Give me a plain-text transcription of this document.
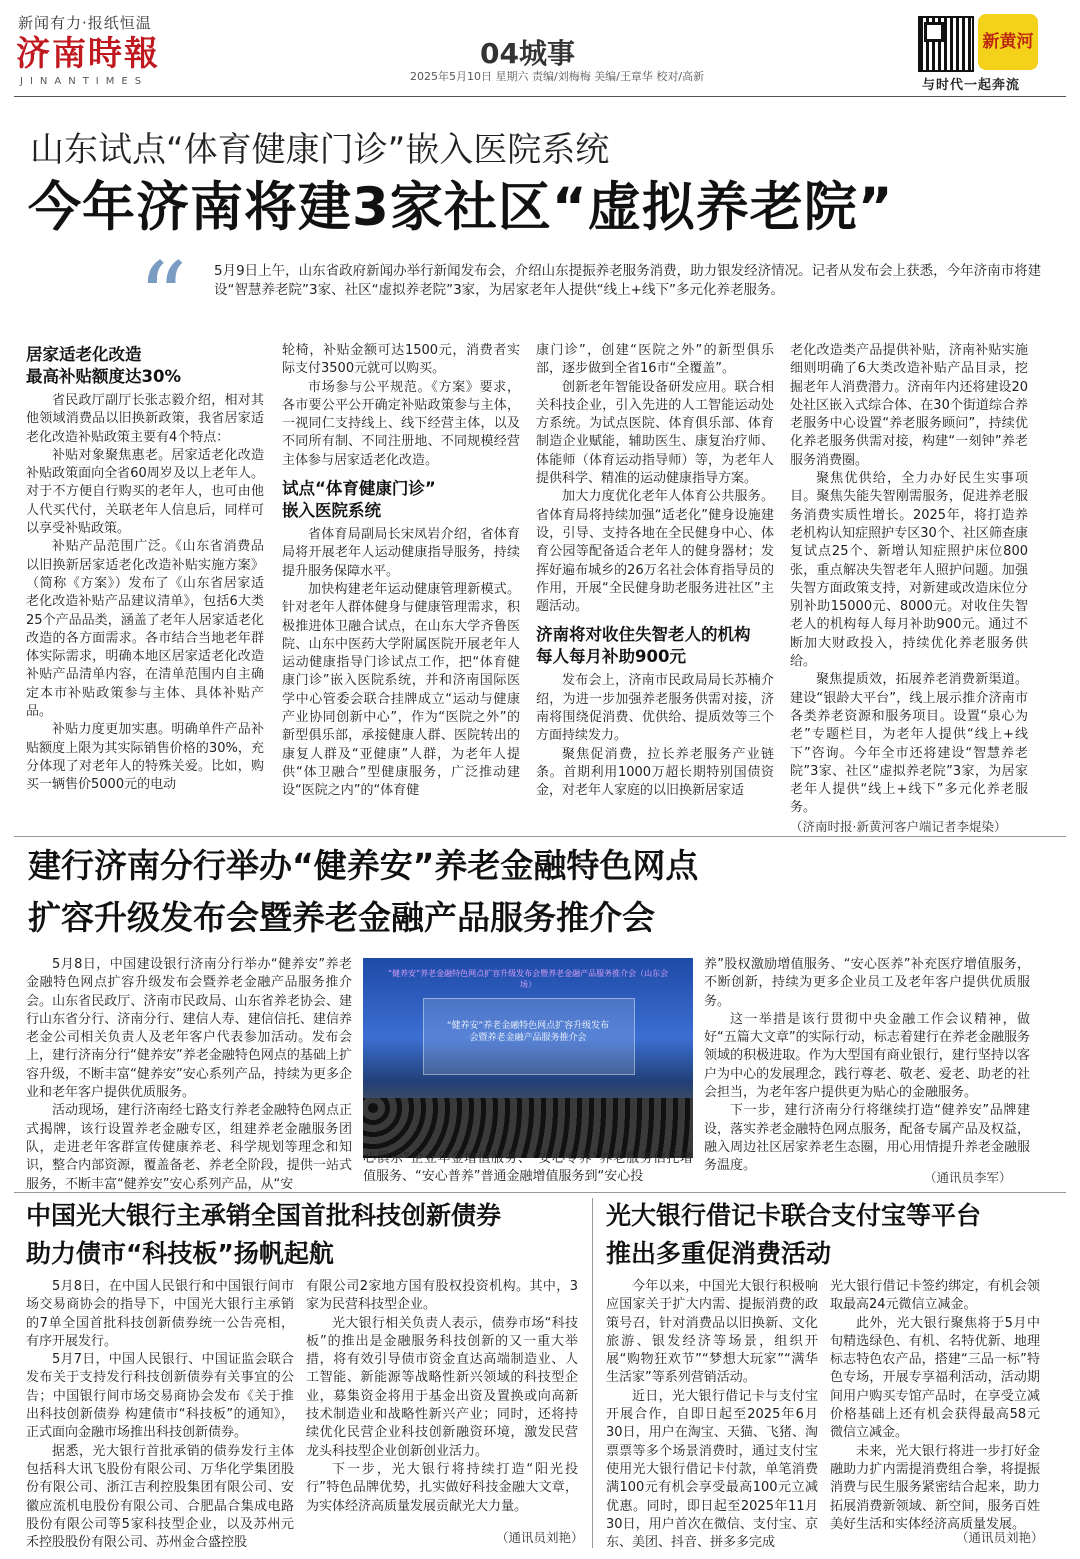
新闻有力·报纸恒温
济南時報
JINANTIMES
04城事
2025年5月10日 星期六 责编/刘梅梅 美编/王章华 校对/高新
新黄河
与时代一起奔流
山东试点“体育健康门诊”嵌入医院系统
今年济南将建3家社区“虚拟养老院”
“ 5月9日上午，山东省政府新闻办举行新闻发布会，介绍山东提振养老服务消费，助力银发经济情况。记者从发布会上获悉，今年济南市将建设“智慧养老院”3家、社区“虚拟养老院”3家，为居家老年人提供“线上+线下”多元化养老服务。
居家适老化改造
最高补贴额度达30%

省民政厅副厅长张志毅介绍，相对其他领域消费品以旧换新政策，我省居家适老化改造补贴政策主要有4个特点：

补贴对象聚焦惠老。居家适老化改造补贴政策面向全省60周岁及以上老年人。对于不方便自行购买的老年人，也可由他人代买代付，关联老年人信息后，同样可以享受补贴政策。

补贴产品范围广泛。《山东省消费品以旧换新居家适老化改造补贴实施方案》（简称《方案》）发布了《山东省居家适老化改造补贴产品建议清单》，包括6大类25个产品品类，涵盖了老年人居家适老化改造的各方面需求。各市结合当地老年群体实际需求，明确本地区居家适老化改造补贴产品清单内容，在清单范围内自主确定本市补贴政策参与主体、具体补贴产品。

补贴力度更加实惠。明确单件产品补贴额度上限为其实际销售价格的30%，充分体现了对老年人的特殊关爱。比如，购买一辆售价5000元的电动

轮椅，补贴金额可达1500元，消费者实际支付3500元就可以购买。

市场参与公平规范。《方案》要求，各市要公平公开确定补贴政策参与主体，一视同仁支持线上、线下经营主体，以及不同所有制、不同注册地、不同规模经营主体参与居家适老化改造。

试点“体育健康门诊”
嵌入医院系统

省体育局副局长宋凤岩介绍，省体育局将开展老年人运动健康指导服务，持续提升服务保障水平。

加快构建老年运动健康管理新模式。针对老年人群体健身与健康管理需求，积极推进体卫融合试点，在山东大学齐鲁医院、山东中医药大学附属医院开展老年人运动健康指导门诊试点工作，把“体育健康门诊”嵌入医院系统，并和济南国际医学中心管委会联合挂牌成立“运动与健康产业协同创新中心”，作为“医院之外”的新型俱乐部，承接健康人群、医院转出的康复人群及“亚健康”人群，为老年人提供“体卫融合”型健康服务，广泛推动建设“医院之内”的“体育健

康门诊”，创建“医院之外”的新型俱乐部，逐步做到全省16市“全覆盖”。

创新老年智能设备研发应用。联合相关科技企业，引入先进的人工智能运动处方系统。为试点医院、体育俱乐部、体育制造企业赋能，辅助医生、康复治疗师、体能师（体育运动指导师）等，为老年人提供科学、精准的运动健康指导方案。

加大力度优化老年人体育公共服务。省体育局将持续加强“适老化”健身设施建设，引导、支持各地在全民健身中心、体育公园等配备适合老年人的健身器材；发挥好遍布城乡的26万名社会体育指导员的作用，开展“全民健身助老服务进社区”主题活动。

济南将对收住失智老人的机构
每人每月补助900元

发布会上，济南市民政局局长苏楠介绍，为进一步加强养老服务供需对接，济南将围绕促消费、优供给、提质效等三个方面持续发力。

聚焦促消费，拉长养老服务产业链条。首期利用1000万超长期特别国债资金，对老年人家庭的以旧换新居家适

老化改造类产品提供补贴，济南补贴实施细则明确了6大类改造补贴产品目录，挖掘老年人消费潜力。济南年内还将建设20处社区嵌入式综合体、在30个街道综合养老服务中心设置“养老服务顾问”，持续优化养老服务供需对接，构建“一刻钟”养老服务消费圈。

聚焦优供给，全力办好民生实事项目。聚焦失能失智刚需服务，促进养老服务消费实质性增长。2025年，将打造养老机构认知症照护专区30个、社区筛查康复试点25个、新增认知症照护床位800张，重点解决失智老年人照护问题。加强失智方面政策支持，对新建或改造床位分别补助15000元、8000元。对收住失智老人的机构每人每月补助900元。通过不断加大财政投入，持续优化养老服务供给。

聚焦提质效，拓展养老消费新渠道。建设“银龄大平台”，线上展示推介济南市各类养老资源和服务项目。设置“泉心为老”专题栏目，为老年人提供“线上+线下”咨询。今年全市还将建设“智慧养老院”3家、社区“虚拟养老院”3家，为居家老年人提供“线上+线下”多元化养老服务。

（济南时报·新黄河客户端记者李焜染）
建行济南分行举办“健养安”养老金融特色网点
扩容升级发布会暨养老金融产品服务推介会

5月8日，中国建设银行济南分行举办“健养安”养老金融特色网点扩容升级发布会暨养老金融产品服务推介会。山东省民政厅、济南市民政局、山东省养老协会、建行山东省分行、济南分行、建信人寿、建信信托、建信养老金公司相关负责人及老年客户代表参加活动。发布会上，建行济南分行“健养安”养老金融特色网点的基础上扩容升级，不断丰富“健养安”安心系列产品，持续为更多企业和老年客户提供优质服务。

活动现场，建行济南经七路支行养老金融特色网点正式揭牌，该行设置养老金融专区，组建养老金融服务团队，走进老年客群宣传健康养老、科学规划等理念和知识，整合内部资源，覆盖备老、养老全阶段，提供一站式服务，不断丰富“健养安”安心系列产品，从“安

“健养安”养老金融特色网点扩容升级发布会暨养老金融产品服务推介会（山东会场）
“健养安”养老金融特色网点扩容升级发布会暨养老金融产品服务推介会

心俱乐”企业年金增值服务、“安心专养”养老服务信托增值服务、“安心普养”普通金融增值服务到“安心投

养”股权激励增值服务、“安心医养”补充医疗增值服务，不断创新，持续为更多企业员工及老年客户提供优质服务。

这一举措是该行贯彻中央金融工作会议精神，做好“五篇大文章”的实际行动，标志着建行在养老金融服务领域的积极进取。作为大型国有商业银行，建行坚持以客户为中心的发展理念，践行尊老、敬老、爱老、助老的社会担当，为老年客户提供更为贴心的金融服务。

下一步，建行济南分行将继续打造“健养安”品牌建设，落实养老金融特色网点服务，配备专属产品及权益，融入周边社区居家养老生态圈，用心用情提升养老金融服务温度。

（通讯员李军）
中国光大银行主承销全国首批科技创新债券
助力债市“科技板”扬帆起航

5月8日，在中国人民银行和中国银行间市场交易商协会的指导下，中国光大银行主承销的7单全国首批科技创新债券统一公告亮相，有序开展发行。

5月7日，中国人民银行、中国证监会联合发布关于支持发行科技创新债券有关事宜的公告；中国银行间市场交易商协会发布《关于推出科技创新债券 构建债市“科技板”的通知》，正式面向金融市场推出科技创新债券。

据悉，光大银行首批承销的债券发行主体包括科大讯飞股份有限公司、万华化学集团股份有限公司、浙江吉利控股集团有限公司、安徽应流机电股份有限公司、合肥晶合集成电路股份有限公司等5家科技型企业，以及苏州元禾控股股份有限公司、苏州金合盛控股

有限公司2家地方国有股权投资机构。其中，3家为民营科技型企业。

光大银行相关负责人表示，债券市场“科技板”的推出是金融服务科技创新的又一重大举措，将有效引导债市资金直达高端制造业、人工智能、新能源等战略性新兴领域的科技型企业，募集资金将用于基金出资及置换或向高新技术制造业和战略性新兴产业；同时，还将持续优化民营企业科技创新融资环境，激发民营龙头科技型企业创新创业活力。

下一步，光大银行将持续打造“阳光投行”特色品牌优势，扎实做好科技金融大文章，为实体经济高质量发展贡献光大力量。

（通讯员刘艳）
光大银行借记卡联合支付宝等平台
推出多重促消费活动

今年以来，中国光大银行积极响应国家关于扩大内需、提振消费的政策号召，针对消费品以旧换新、文化旅游、银发经济等场景，组织开展“购物狂欢节”“梦想大玩家”“满华生活家”等系列营销活动。

近日，光大银行借记卡与支付宝开展合作，自即日起至2025年6月30日，用户在淘宝、天猫、飞猪、淘票票等多个场景消费时，通过支付宝使用光大银行借记卡付款，单笔消费满100元有机会享受最高100元立减优惠。同时，即日起至2025年11月30日，用户首次在微信、支付宝、京东、美团、抖音、拼多多完成

光大银行借记卡签约绑定，有机会领取最高24元微信立减金。

此外，光大银行聚焦将于5月中旬精选绿色、有机、名特优新、地理标志特色农产品，搭建“三品一标”特色专场，开展专享福利活动，活动期间用户购买专馆产品时，在享受立减价格基础上还有机会获得最高58元微信立减金。

未来，光大银行将进一步打好金融助力扩内需提消费组合拳，将提振消费与民生服务紧密结合起来，助力拓展消费新领域、新空间，服务百姓美好生活和实体经济高质量发展。

（通讯员刘艳）
